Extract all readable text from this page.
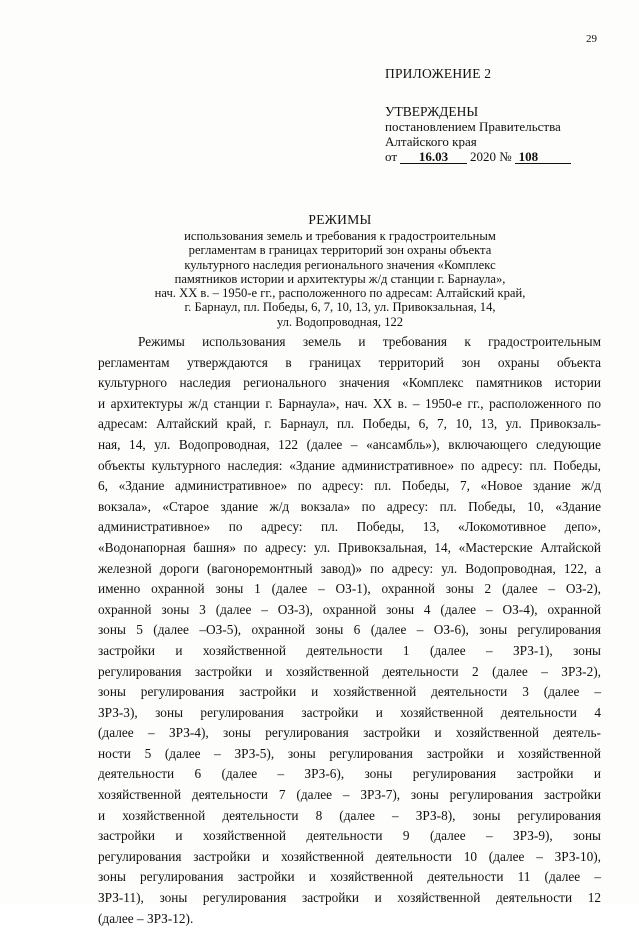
29
ПРИЛОЖЕНИЕ 2
УТВЕРЖДЕНЫ
постановлением Правительства
Алтайского края
от 16.03 2020 № 108
РЕЖИМЫ
использования земель и требования к градостроительным
регламентам в границах территорий зон охраны объекта
культурного наследия регионального значения «Комплекс
памятников истории и архитектуры ж/д станции г. Барнаула»,
нач. XX в. – 1950-е гг., расположенного по адресам: Алтайский край,
г. Барнаул, пл. Победы, 6, 7, 10, 13, ул. Привокзальная, 14,
ул. Водопроводная, 122
Режимы использования земель и требования к градостроительным
регламентам утверждаются в границах территорий зон охраны объекта
культурного наследия регионального значения «Комплекс памятников истории
и архитектуры ж/д станции г. Барнаула», нач. XX в. – 1950-е гг., расположенного по
адресам: Алтайский край, г. Барнаул, пл. Победы, 6, 7, 10, 13, ул. Привокзаль-
ная, 14, ул. Водопроводная, 122 (далее – «ансамбль»), включающего следующие
объекты культурного наследия: «Здание административное» по адресу: пл. Победы,
6, «Здание административное» по адресу: пл. Победы, 7, «Новое здание ж/д
вокзала», «Старое здание ж/д вокзала» по адресу: пл. Победы, 10, «Здание
административное» по адресу: пл. Победы, 13, «Локомотивное депо»,
«Водонапорная башня» по адресу: ул. Привокзальная, 14, «Мастерские Алтайской
железной дороги (вагоноремонтный завод)» по адресу: ул. Водопроводная, 122, а
именно охранной зоны 1 (далее – ОЗ-1), охранной зоны 2 (далее – ОЗ-2),
охранной зоны 3 (далее – ОЗ-3), охранной зоны 4 (далее – ОЗ-4), охранной
зоны 5 (далее –ОЗ-5), охранной зоны 6 (далее – ОЗ-6), зоны регулирования
застройки и хозяйственной деятельности 1 (далее – ЗРЗ-1), зоны
регулирования застройки и хозяйственной деятельности 2 (далее – ЗРЗ-2),
зоны регулирования застройки и хозяйственной деятельности 3 (далее –
ЗРЗ-3), зоны регулирования застройки и хозяйственной деятельности 4
(далее – ЗРЗ-4), зоны регулирования застройки и хозяйственной деятель-
ности 5 (далее – ЗРЗ-5), зоны регулирования застройки и хозяйственной
деятельности 6 (далее – ЗРЗ-6), зоны регулирования застройки и
хозяйственной деятельности 7 (далее – ЗРЗ-7), зоны регулирования застройки
и хозяйственной деятельности 8 (далее – ЗРЗ-8), зоны регулирования
застройки и хозяйственной деятельности 9 (далее – ЗРЗ-9), зоны
регулирования застройки и хозяйственной деятельности 10 (далее – ЗРЗ-10),
зоны регулирования застройки и хозяйственной деятельности 11 (далее –
ЗРЗ-11), зоны регулирования застройки и хозяйственной деятельности 12
(далее – ЗРЗ-12).
